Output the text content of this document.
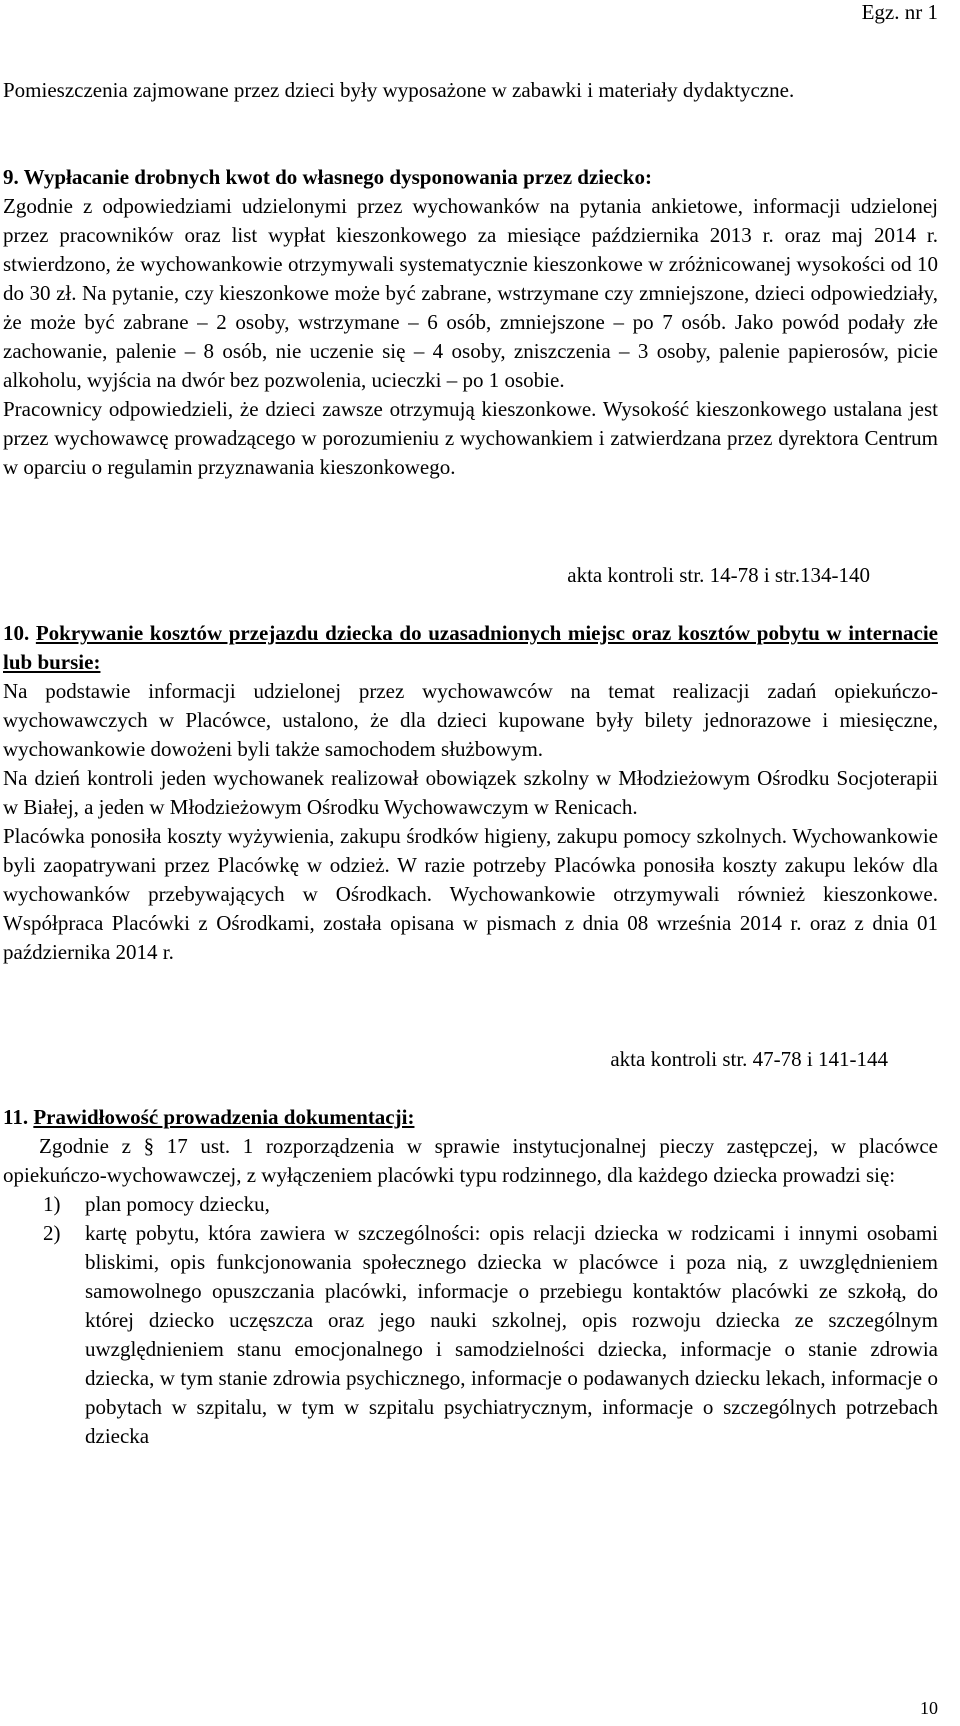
Egz. nr 1

Pomieszczenia zajmowane przez dzieci były wyposażone w zabawki i materiały dydaktyczne.

9. Wypłacanie drobnych kwot do własnego dysponowania przez dziecko:

Zgodnie z odpowiedziami udzielonymi przez wychowanków na pytania ankietowe, informacji udzielonej przez pracowników oraz list wypłat kieszonkowego za miesiące października 2013 r. oraz maj 2014 r. stwierdzono, że wychowankowie otrzymywali systematycznie kieszonkowe w zróżnicowanej wysokości od 10 do 30 zł. Na pytanie, czy kieszonkowe może być zabrane, wstrzymane czy zmniejszone, dzieci odpowiedziały, że może być zabrane – 2 osoby, wstrzymane – 6 osób, zmniejszone – po 7 osób. Jako powód podały złe zachowanie, palenie – 8 osób, nie uczenie się – 4 osoby, zniszczenia – 3 osoby, palenie papierosów, picie alkoholu, wyjścia na dwór bez pozwolenia, ucieczki – po 1 osobie.

Pracownicy odpowiedzieli, że dzieci zawsze otrzymują kieszonkowe. Wysokość kieszonkowego ustalana jest przez wychowawcę prowadzącego w porozumieniu z wychowankiem i zatwierdzana przez dyrektora Centrum w oparciu o regulamin przyznawania kieszonkowego.

akta kontroli str. 14-78 i str.134-140

10. Pokrywanie kosztów przejazdu dziecka do uzasadnionych miejsc oraz kosztów pobytu w internacie lub bursie:

Na podstawie informacji udzielonej przez wychowawców na temat realizacji zadań opiekuńczo-wychowawczych w Placówce, ustalono, że dla dzieci kupowane były bilety jednorazowe i miesięczne, wychowankowie dowożeni byli także samochodem służbowym.

Na dzień kontroli jeden wychowanek realizował obowiązek szkolny w Młodzieżowym Ośrodku Socjoterapii w Białej, a jeden w Młodzieżowym Ośrodku Wychowawczym w Renicach.

Placówka ponosiła koszty wyżywienia, zakupu środków higieny, zakupu pomocy szkolnych. Wychowankowie byli zaopatrywani przez Placówkę w odzież. W razie potrzeby Placówka ponosiła koszty zakupu leków dla wychowanków przebywających w Ośrodkach. Wychowankowie otrzymywali również kieszonkowe. Współpraca Placówki z Ośrodkami, została opisana w pismach z dnia 08 września 2014 r. oraz z dnia 01 października 2014 r.

akta kontroli str. 47-78 i 141-144

11. Prawidłowość prowadzenia dokumentacji:

Zgodnie z § 17 ust. 1 rozporządzenia w sprawie instytucjonalnej pieczy zastępczej, w placówce opiekuńczo-wychowawczej, z wyłączeniem placówki typu rodzinnego, dla każdego dziecka prowadzi się:

1) plan pomocy dziecku,
2) kartę pobytu, która zawiera w szczególności: opis relacji dziecka w rodzicami i innymi osobami bliskimi, opis funkcjonowania społecznego dziecka w placówce i poza nią, z uwzględnieniem samowolnego opuszczania placówki, informacje o przebiegu kontaktów placówki ze szkołą, do której dziecko uczęszcza oraz jego nauki szkolnej, opis rozwoju dziecka ze szczególnym uwzględnieniem stanu emocjonalnego i samodzielności dziecka, informacje o stanie zdrowia dziecka, w tym stanie zdrowia psychicznego, informacje o podawanych dziecku lekach, informacje o pobytach w szpitalu, w tym w szpitalu psychiatrycznym, informacje o szczególnych potrzebach dziecka
10
